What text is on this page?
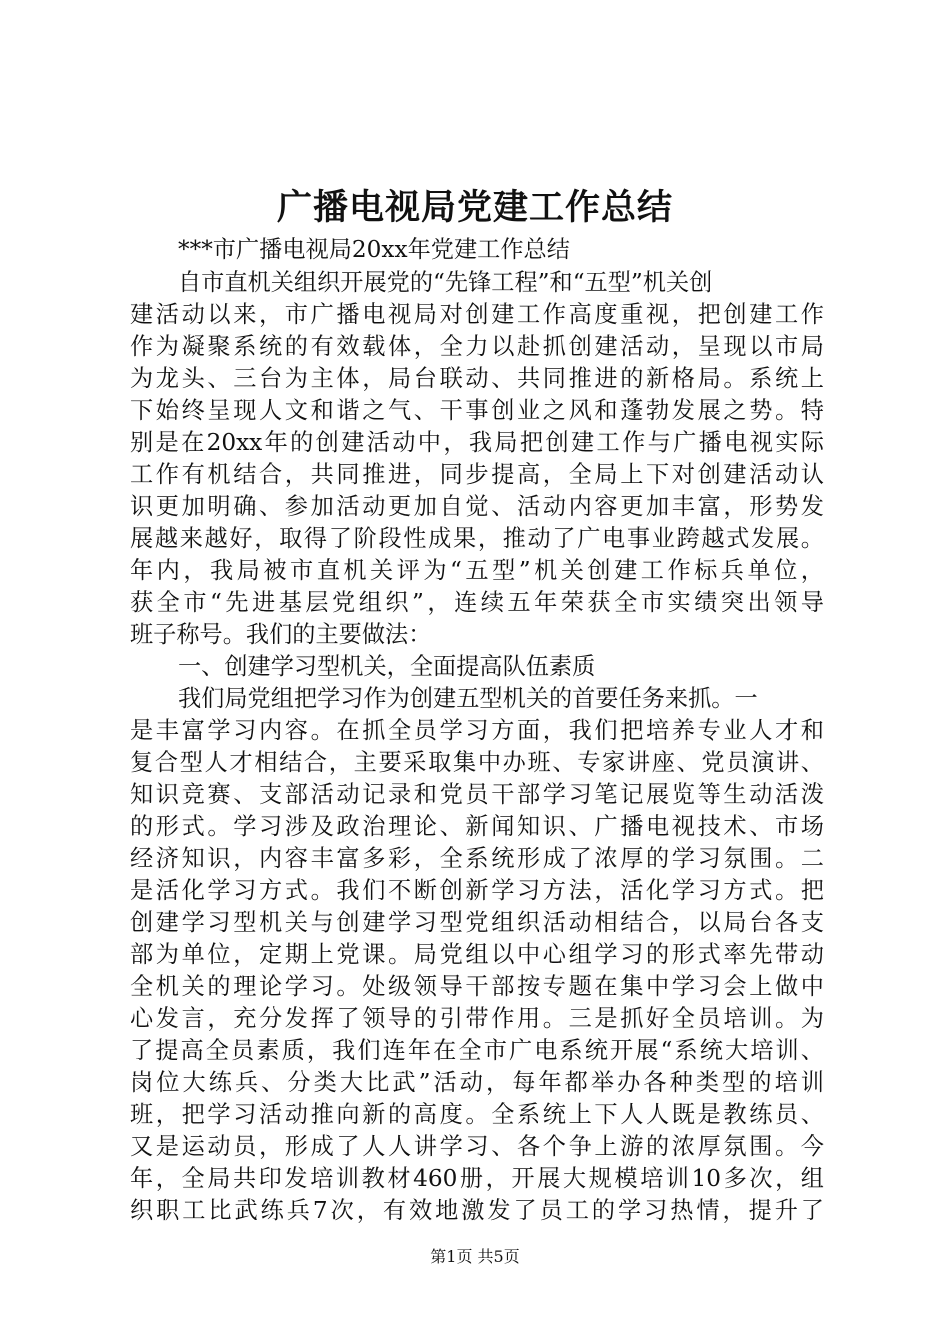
广播电视局党建工作总结
***市广播电视局20xx年党建工作总结
自市直机关组织开展党的“先锋工程”和“五型”机关创
建活动以来，市广播电视局对创建工作高度重视，把创建工作
作为凝聚系统的有效载体，全力以赴抓创建活动，呈现以市局
为龙头、三台为主体，局台联动、共同推进的新格局。系统上
下始终呈现人文和谐之气、干事创业之风和蓬勃发展之势。特
别是在20xx年的创建活动中，我局把创建工作与广播电视实际
工作有机结合，共同推进，同步提高，全局上下对创建活动认
识更加明确、参加活动更加自觉、活动内容更加丰富，形势发
展越来越好，取得了阶段性成果，推动了广电事业跨越式发展。
年内，我局被市直机关评为“五型”机关创建工作标兵单位，
获全市“先进基层党组织”，连续五年荣获全市实绩突出领导
班子称号。我们的主要做法：
一、创建学习型机关，全面提高队伍素质
我们局党组把学习作为创建五型机关的首要任务来抓。一
是丰富学习内容。在抓全员学习方面，我们把培养专业人才和
复合型人才相结合，主要采取集中办班、专家讲座、党员演讲、
知识竞赛、支部活动记录和党员干部学习笔记展览等生动活泼
的形式。学习涉及政治理论、新闻知识、广播电视技术、市场
经济知识，内容丰富多彩，全系统形成了浓厚的学习氛围。二
是活化学习方式。我们不断创新学习方法，活化学习方式。把
创建学习型机关与创建学习型党组织活动相结合，以局台各支
部为单位，定期上党课。局党组以中心组学习的形式率先带动
全机关的理论学习。处级领导干部按专题在集中学习会上做中
心发言，充分发挥了领导的引带作用。三是抓好全员培训。为
了提高全员素质，我们连年在全市广电系统开展“系统大培训、
岗位大练兵、分类大比武”活动，每年都举办各种类型的培训
班，把学习活动推向新的高度。全系统上下人人既是教练员、
又是运动员，形成了人人讲学习、各个争上游的浓厚氛围。今
年，全局共印发培训教材460册，开展大规模培训10多次，组
织职工比武练兵7次，有效地激发了员工的学习热情，提升了
第1页 共5页
